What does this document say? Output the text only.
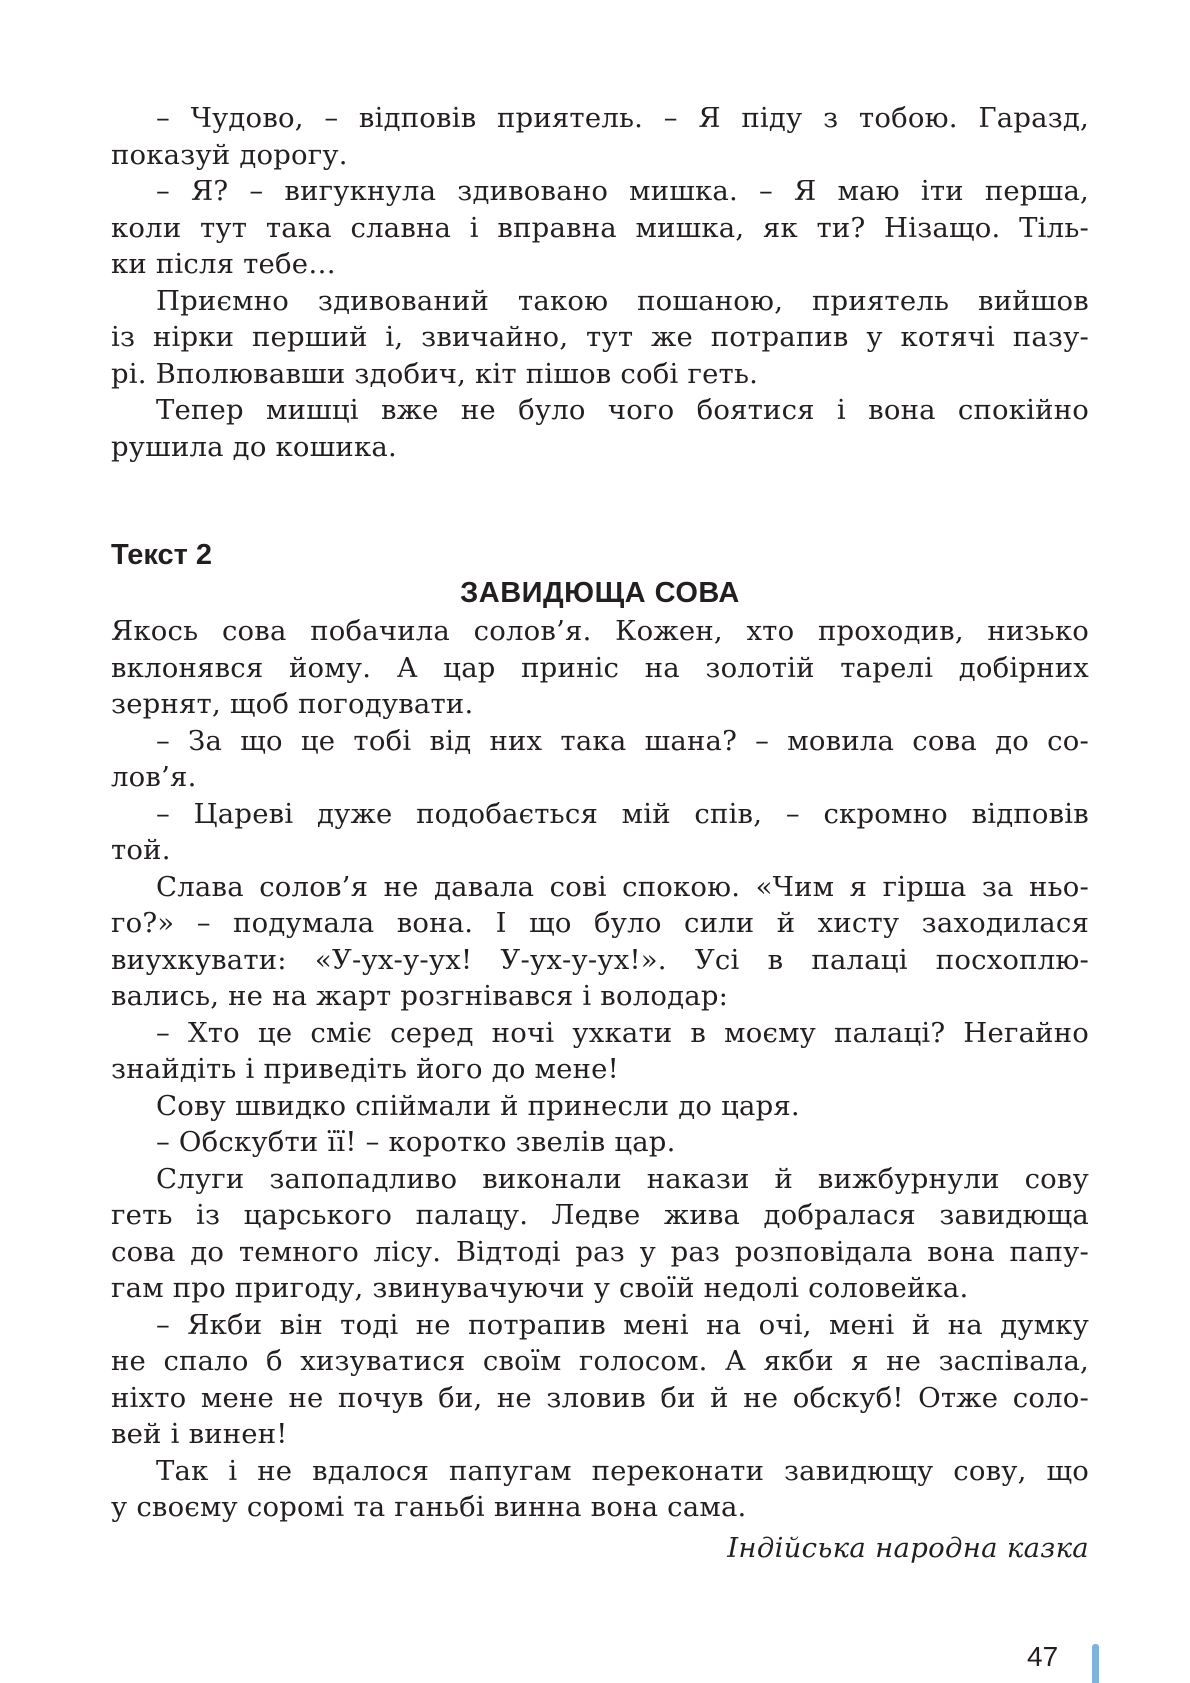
– Чудово, – відповів приятель. – Я піду з тобою. Гаразд,
показуй дорогу.
– Я? – вигукнула здивовано мишка. – Я маю іти перша,
коли тут така славна і вправна мишка, як ти? Нізащо. Тіль-
ки після тебе…
Приємно здивований такою пошаною, приятель вийшов
із нірки перший і, звичайно, тут же потрапив у котячі пазу-
рі. Вполювавши здобич, кіт пішов собі геть.
Тепер мишці вже не було чого боятися і вона спокійно
рушила до кошика.
Текст 2
ЗАВИДЮЩА СОВА
Якось сова побачила солов’я. Кожен, хто проходив, низько
вклонявся йому. А цар приніс на золотій тарелі добірних
зернят, щоб погодувати.
– За що це тобі від них така шана? – мовила сова до со-
лов’я.
– Цареві дуже подобається мій спів, – скромно відповів
той.
Слава солов’я не давала сові спокою. «Чим я гірша за ньо-
го?» – подумала вона. І що було сили й хисту заходилася
виухкувати: «У-ух-у-ух! У-ух-у-ух!». Усі в палаці посхоплю-
вались, не на жарт розгнівався і володар:
– Хто це сміє серед ночі ухкати в моєму палаці? Негайно
знайдіть і приведіть його до мене!
Сову швидко спіймали й принесли до царя.
– Обскубти її! – коротко звелів цар.
Слуги запопадливо виконали накази й вижбурнули сову
геть із царського палацу. Ледве жива добралася завидюща
сова до темного лісу. Відтоді раз у раз розповідала вона папу-
гам про пригоду, звинувачуючи у своїй недолі соловейка.
– Якби він тоді не потрапив мені на очі, мені й на думку
не спало б хизуватися своїм голосом. А якби я не заспівала,
ніхто мене не почув би, не зловив би й не обскуб! Отже соло-
вей і винен!
Так і не вдалося папугам переконати завидющу сову, що
у своєму соромі та ганьбі винна вона сама.
Індійська народна казка
47
